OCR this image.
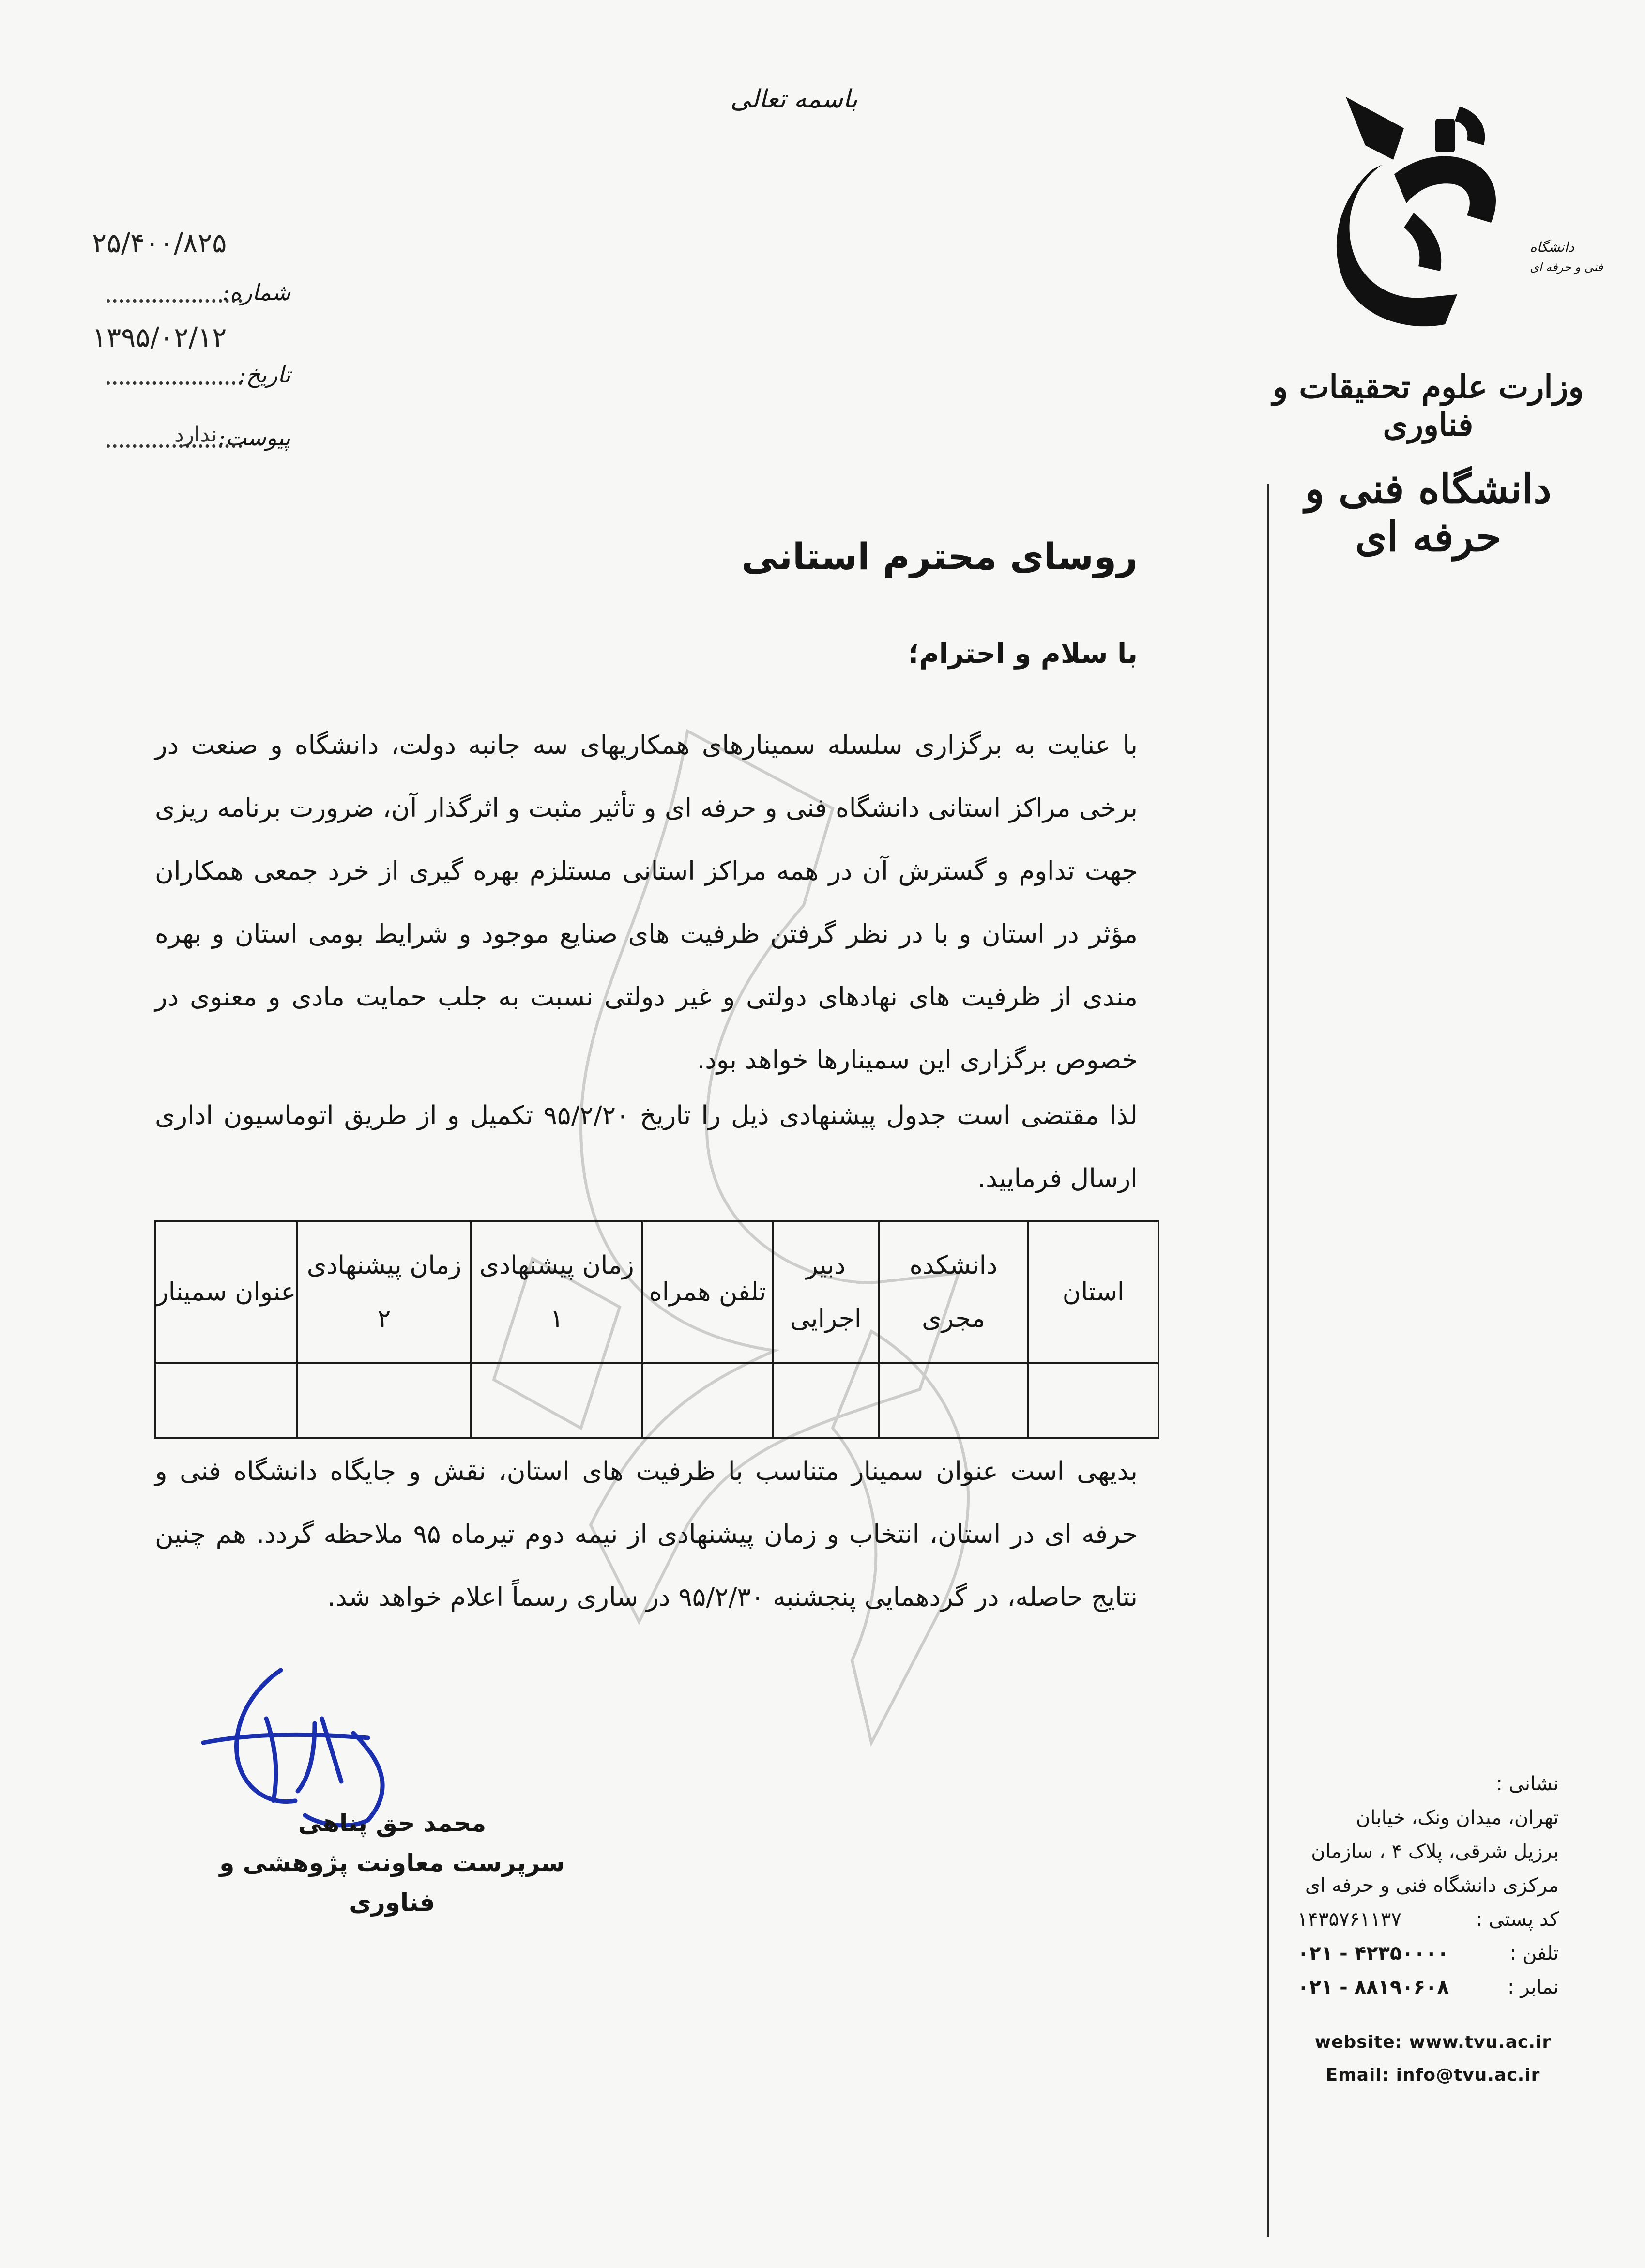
باسمه تعالی
۲۵/۴۰۰/۸۲۵
شماره:
۱۳۹۵/۰۲/۱۲
تاریخ:
پیوست:
ندارد
دانشگاه
فنی و حرفه ای
وزارت علوم تحقیقات و فناوری
دانشگاه فنی و حرفه ای
روسای محترم استانی
با سلام و احترام؛
با عنایت به برگزاری سلسله سمینارهای همکاریهای سه جانبه دولت، دانشگاه و صنعت در برخی مراکز استانی دانشگاه فنی و حرفه ای و تأثیر مثبت و اثرگذار آن، ضرورت برنامه ریزی جهت تداوم و گسترش آن در همه مراکز استانی مستلزم بهره گیری از خرد جمعی همکاران مؤثر در استان و با در نظر گرفتن ظرفیت های صنایع موجود و شرایط بومی استان و بهره مندی از ظرفیت های نهادهای دولتی و غیر دولتی نسبت به جلب حمایت مادی و معنوی در خصوص برگزاری این سمینارها خواهد بود.
لذا مقتضی است جدول پیشنهادی ذیل را تاریخ ۹۵/۲/۲۰ تکمیل و از طریق اتوماسیون اداری ارسال فرمایید.
استان	دانشکده مجری	دبیر اجرایی	تلفن همراه	زمان پیشنهادی ۱	زمان پیشنهادی ۲	عنوان سمینار

بدیهی است عنوان سمینار متناسب با ظرفیت های استان، نقش و جایگاه دانشگاه فنی و حرفه ای در استان، انتخاب و زمان پیشنهادی از نیمه دوم تیرماه ۹۵ ملاحظه گردد. هم چنین نتایج حاصله، در گردهمایی پنجشنبه ۹۵/۲/۳۰ در ساری رسماً اعلام خواهد شد.
محمد حق پناهی
سرپرست معاونت پژوهشی و فناوری
نشانی :
تهران، میدان ونک، خیابان
برزیل شرقی، پلاک ۴ ، سازمان
مرکزی دانشگاه فنی و حرفه ای
کد پستی :
۱۴۳۵۷۶۱۱۳۷
تلفن :
۰۲۱ - ۴۲۳۵۰۰۰۰
نمابر :
۰۲۱ - ۸۸۱۹۰۶۰۸
website: www.tvu.ac.ir
Email: info@tvu.ac.ir
